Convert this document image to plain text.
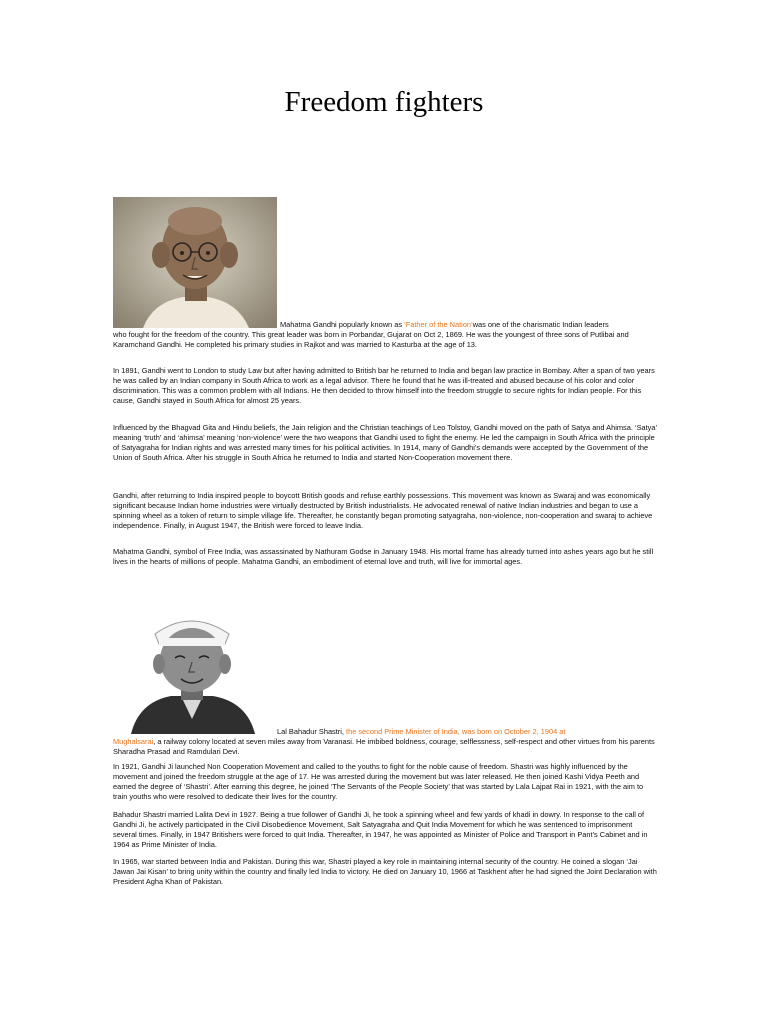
Freedom fighters
Mahatma Gandhi popularly known as ‘Father of the Nation’was one of the charismatic Indian leaders

who fought for the freedom of the country. This great leader was born in Porbandar, Gujarat on Oct 2, 1869. He was the youngest of three sons of Putlibai and Karamchand Gandhi. He completed his primary studies in Rajkot and was married to Kasturba at the age of 13.

In 1891, Gandhi went to London to study Law but after having admitted to British bar he returned to India and began law practice in Bombay. After a span of two years he was called by an Indian company in South Africa to work as a legal advisor. There he found that he was ill-treated and abused because of his color and color discrimination. This was a common problem with all Indians. He then decided to throw himself into the freedom struggle to secure rights for Indian people. For this cause, Gandhi stayed in South Africa for almost 25 years.

Influenced by the Bhagvad Gita and Hindu beliefs, the Jain religion and the Christian teachings of Leo Tolstoy, Gandhi moved on the path of Satya and Ahimsa. ‘Satya’ meaning ‘truth’ and ‘ahimsa’ meaning ‘non-violence’ were the two weapons that Gandhi used to fight the enemy. He led the campaign in South Africa with the principle of Satyagraha for Indian rights and was arrested many times for his political activities. In 1914, many of Gandhi’s demands were accepted by the Government of the Union of South Africa. After his struggle in South Africa he returned to India and started Non-Cooperation movement there.

Gandhi, after returning to India inspired people to boycott British goods and refuse earthly possessions. This movement was known as Swaraj and was economically significant because Indian home industries were virtually destructed by British industrialists. He advocated renewal of native Indian industries and began to use a spinning wheel as a token of return to simple village life. Thereafter, he constantly began promoting satyagraha, non-violence, non-cooperation and swaraj to achieve independence. Finally, in August 1947, the British were forced to leave India.

Mahatma Gandhi, symbol of Free India, was assassinated by Nathuram Godse in January 1948. His mortal frame has already turned into ashes years ago but he still lives in the hearts of millions of people. Mahatma Gandhi, an embodiment of eternal love and truth, will live for immortal ages.

Lal Bahadur Shastri, the second Prime Minister of India, was born on October 2, 1904 at

Mughalsarai, a railway colony located at seven miles away from Varanasi. He imbibed boldness, courage, selflessness, self-respect and other virtues from his parents Sharadha Prasad and Ramdulari Devi.

In 1921, Gandhi Ji launched Non Cooperation Movement and called to the youths to fight for the noble cause of freedom. Shastri was highly influenced by the movement and joined the freedom struggle at the age of 17. He was arrested during the movement but was later released. He then joined Kashi Vidya Peeth and earned the degree of ‘Shastri’. After earning this degree, he joined ‘The Servants of the People Society’ that was started by Lala Lajpat Rai in 1921, with the aim to train youths who were resolved to dedicate their lives for the country.

Bahadur Shastri married Lalita Devi in 1927. Being a true follower of Gandhi Ji, he took a spinning wheel and few yards of khadi in dowry. In response to the call of Gandhi Ji, he actively participated in the Civil Disobedience Movement, Salt Satyagraha and Quit India Movement for which he was sentenced to imprisonment several times. Finally, in 1947 Britishers were forced to quit India. Thereafter, in 1947, he was appointed as Minister of Police and Transport in Pant’s Cabinet and in 1964 as Prime Minister of India.

In 1965, war started between India and Pakistan. During this war, Shastri played a key role in maintaining internal security of the country. He coined a slogan ‘Jai Jawan Jai Kisan’ to bring unity within the country and finally led India to victory. He died on January 10, 1966 at Taskhent after he had signed the Joint Declaration with President Agha Khan of Pakistan.
